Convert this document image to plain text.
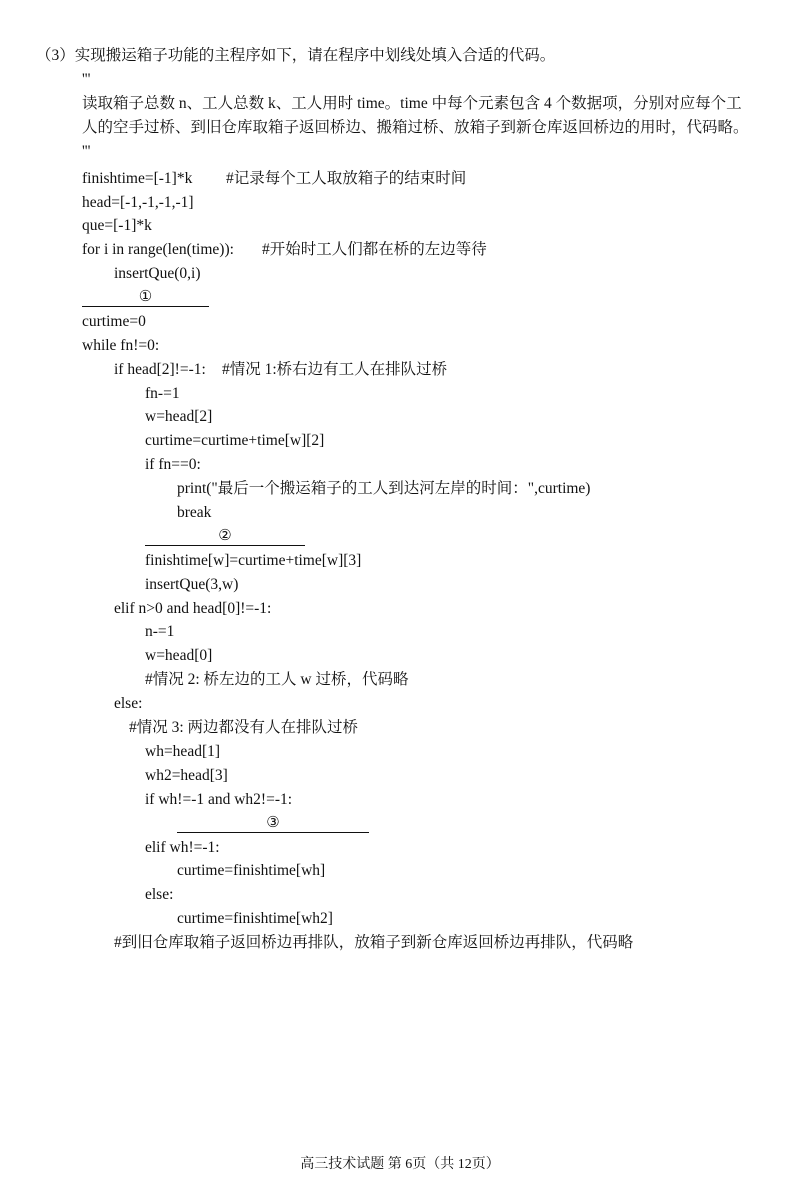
（3）实现搬运箱子功能的主程序如下，请在程序中划线处填入合适的代码。
'''
读取箱子总数 n、工人总数 k、工人用时 time。time 中每个元素包含 4 个数据项，分别对应每个工
人的空手过桥、到旧仓库取箱子返回桥边、搬箱过桥、放箱子到新仓库返回桥边的用时，代码略。
'''
finishtime=[-1]*k #记录每个工人取放箱子的结束时间
head=[-1,-1,-1,-1]
que=[-1]*k
for i in range(len(time)): #开始时工人们都在桥的左边等待
insertQue(0,i)
①
curtime=0
while fn!=0:
if head[2]!=-1: #情况 1:桥右边有工人在排队过桥
fn-=1
w=head[2]
curtime=curtime+time[w][2]
if fn==0:
print("最后一个搬运箱子的工人到达河左岸的时间：",curtime)
break
②
finishtime[w]=curtime+time[w][3]
insertQue(3,w)
elif n>0 and head[0]!=-1:
n-=1
w=head[0]
#情况 2: 桥左边的工人 w 过桥，代码略
else:
#情况 3: 两边都没有人在排队过桥
wh=head[1]
wh2=head[3]
if wh!=-1 and wh2!=-1:
③
elif wh!=-1:
curtime=finishtime[wh]
else:
curtime=finishtime[wh2]
#到旧仓库取箱子返回桥边再排队，放箱子到新仓库返回桥边再排队，代码略
高三技术试题 第 6页（共 12页）
